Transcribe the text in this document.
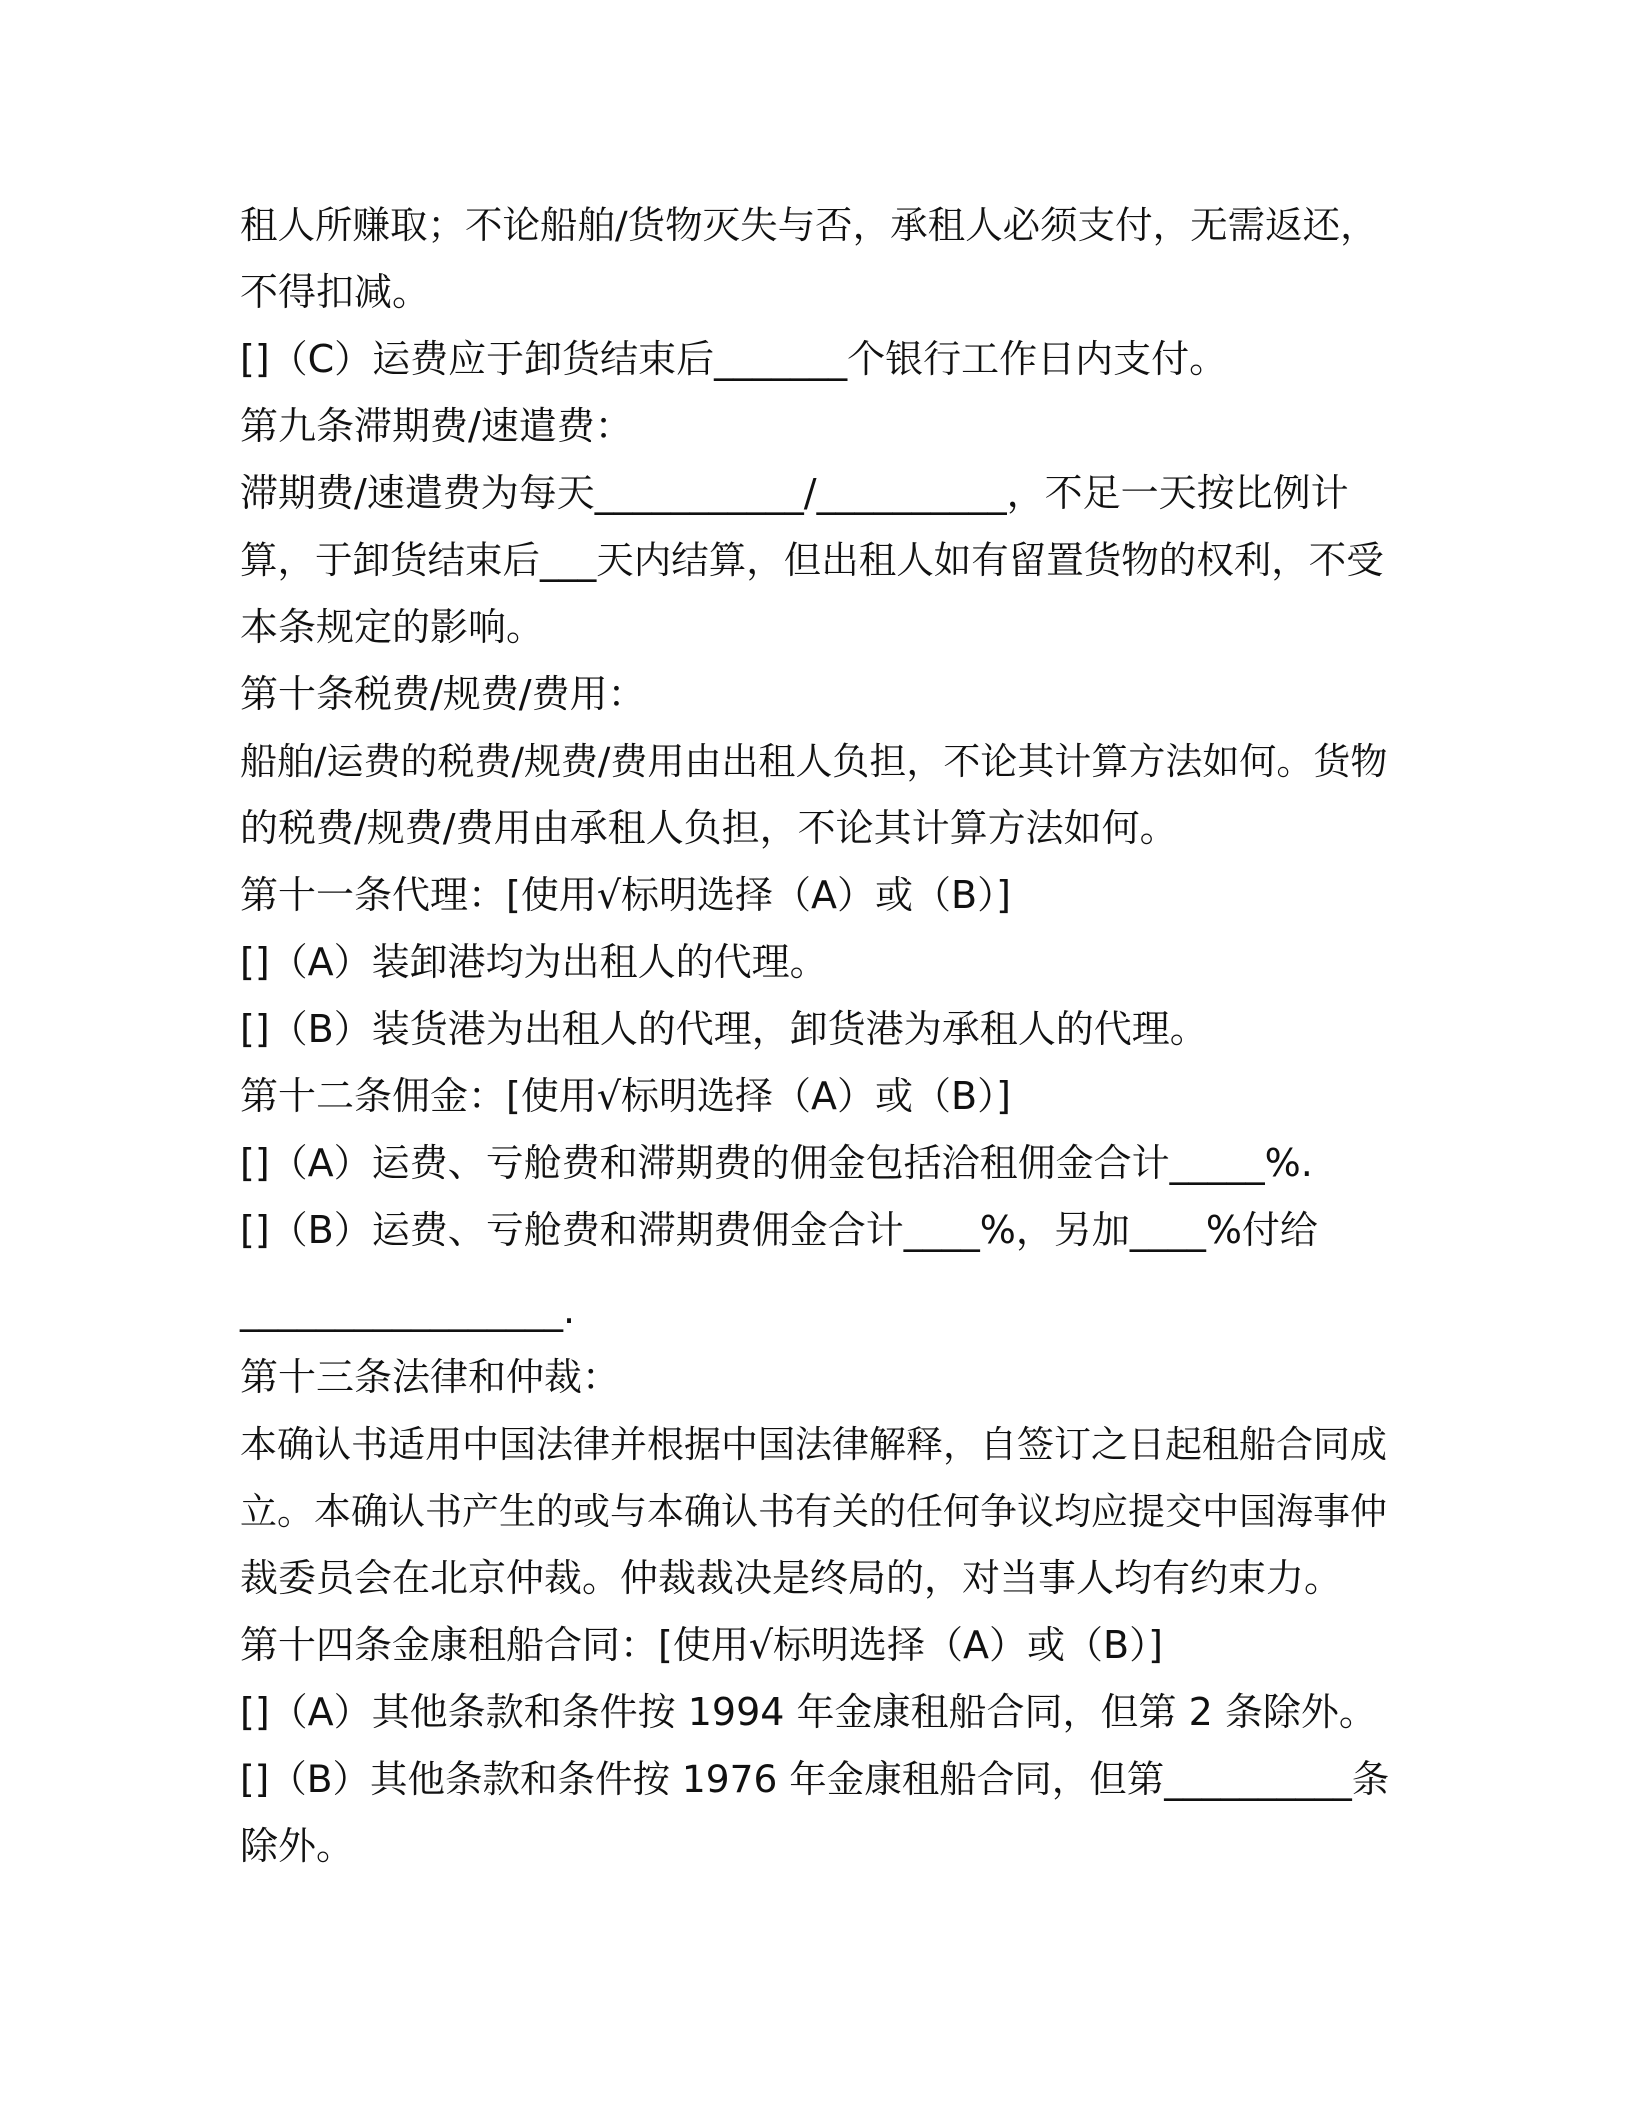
租人所赚取；不论船舶/货物灭失与否，承租人必须支付，无需返还，
不得扣减。
[]（C）运费应于卸货结束后_______个银行工作日内支付。
第九条滞期费/速遣费：
滞期费/速遣费为每天___________/__________，不足一天按比例计
算，于卸货结束后___天内结算，但出租人如有留置货物的权利，不受
本条规定的影响。
第十条税费/规费/费用：
船舶/运费的税费/规费/费用由出租人负担，不论其计算方法如何。货物
的税费/规费/费用由承租人负担，不论其计算方法如何。
第十一条代理：[使用√标明选择（A）或（B）]
[]（A）装卸港均为出租人的代理。
[]（B）装货港为出租人的代理，卸货港为承租人的代理。
第十二条佣金：[使用√标明选择（A）或（B）]
[]（A）运费、亏舱费和滞期费的佣金包括洽租佣金合计_____%.
[]（B）运费、亏舱费和滞期费佣金合计____%，另加____%付给
_________________.
第十三条法律和仲裁：
本确认书适用中国法律并根据中国法律解释，自签订之日起租船合同成
立。本确认书产生的或与本确认书有关的任何争议均应提交中国海事仲
裁委员会在北京仲裁。仲裁裁决是终局的，对当事人均有约束力。
第十四条金康租船合同：[使用√标明选择（A）或（B）]
[]（A）其他条款和条件按 1994 年金康租船合同，但第 2 条除外。
[]（B）其他条款和条件按 1976 年金康租船合同，但第__________条
除外。
